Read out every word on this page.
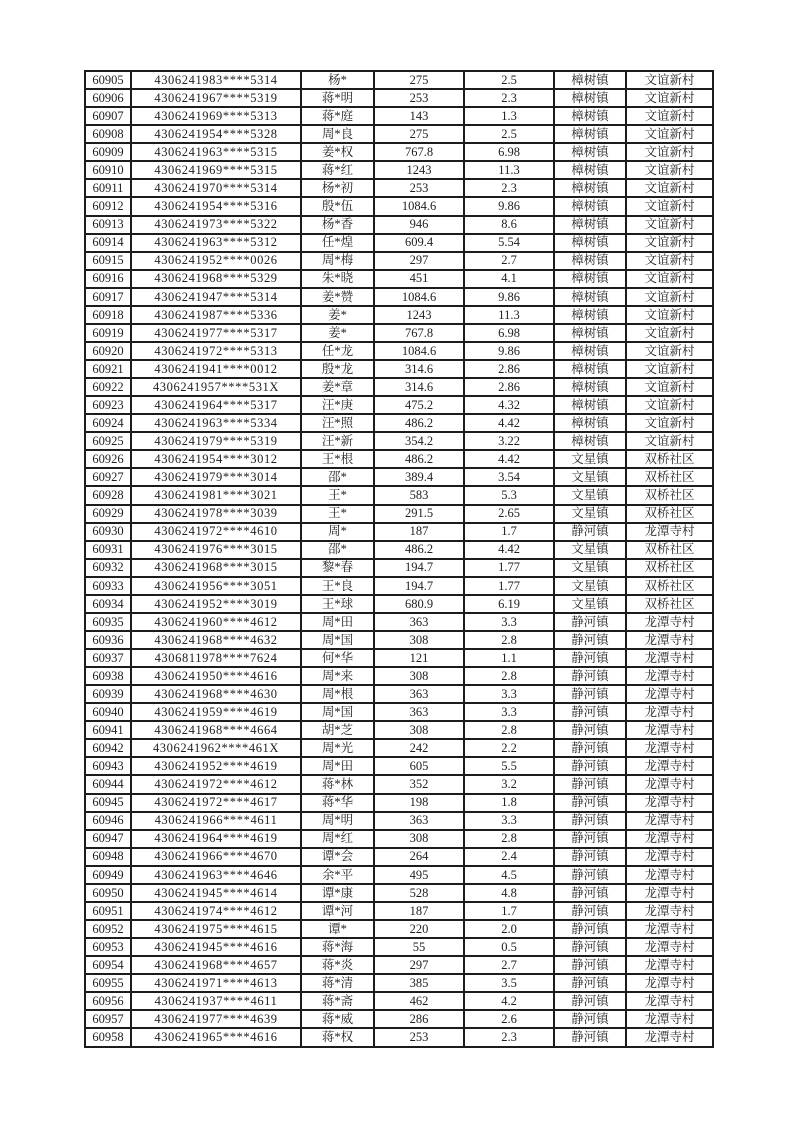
60905	4306241983****5314	杨*	275	2.5	樟树镇	文谊新村
60906	4306241967****5319	蒋*明	253	2.3	樟树镇	文谊新村
60907	4306241969****5313	蒋*庭	143	1.3	樟树镇	文谊新村
60908	4306241954****5328	周*良	275	2.5	樟树镇	文谊新村
60909	4306241963****5315	姜*权	767.8	6.98	樟树镇	文谊新村
60910	4306241969****5315	蒋*红	1243	11.3	樟树镇	文谊新村
60911	4306241970****5314	杨*初	253	2.3	樟树镇	文谊新村
60912	4306241954****5316	殷*伍	1084.6	9.86	樟树镇	文谊新村
60913	4306241973****5322	杨*香	946	8.6	樟树镇	文谊新村
60914	4306241963****5312	任*煌	609.4	5.54	樟树镇	文谊新村
60915	4306241952****0026	周*梅	297	2.7	樟树镇	文谊新村
60916	4306241968****5329	朱*晓	451	4.1	樟树镇	文谊新村
60917	4306241947****5314	姜*赞	1084.6	9.86	樟树镇	文谊新村
60918	4306241987****5336	姜*	1243	11.3	樟树镇	文谊新村
60919	4306241977****5317	姜*	767.8	6.98	樟树镇	文谊新村
60920	4306241972****5313	任*龙	1084.6	9.86	樟树镇	文谊新村
60921	4306241941****0012	殷*龙	314.6	2.86	樟树镇	文谊新村
60922	4306241957****531X	姜*章	314.6	2.86	樟树镇	文谊新村
60923	4306241964****5317	汪*庚	475.2	4.32	樟树镇	文谊新村
60924	4306241963****5334	汪*照	486.2	4.42	樟树镇	文谊新村
60925	4306241979****5319	汪*新	354.2	3.22	樟树镇	文谊新村
60926	4306241954****3012	王*根	486.2	4.42	文星镇	双桥社区
60927	4306241979****3014	邵*	389.4	3.54	文星镇	双桥社区
60928	4306241981****3021	王*	583	5.3	文星镇	双桥社区
60929	4306241978****3039	王*	291.5	2.65	文星镇	双桥社区
60930	4306241972****4610	周*	187	1.7	静河镇	龙潭寺村
60931	4306241976****3015	邵*	486.2	4.42	文星镇	双桥社区
60932	4306241968****3015	黎*春	194.7	1.77	文星镇	双桥社区
60933	4306241956****3051	王*良	194.7	1.77	文星镇	双桥社区
60934	4306241952****3019	王*球	680.9	6.19	文星镇	双桥社区
60935	4306241960****4612	周*田	363	3.3	静河镇	龙潭寺村
60936	4306241968****4632	周*国	308	2.8	静河镇	龙潭寺村
60937	4306811978****7624	何*华	121	1.1	静河镇	龙潭寺村
60938	4306241950****4616	周*来	308	2.8	静河镇	龙潭寺村
60939	4306241968****4630	周*根	363	3.3	静河镇	龙潭寺村
60940	4306241959****4619	周*国	363	3.3	静河镇	龙潭寺村
60941	4306241968****4664	胡*芝	308	2.8	静河镇	龙潭寺村
60942	4306241962****461X	周*光	242	2.2	静河镇	龙潭寺村
60943	4306241952****4619	周*田	605	5.5	静河镇	龙潭寺村
60944	4306241972****4612	蒋*林	352	3.2	静河镇	龙潭寺村
60945	4306241972****4617	蒋*华	198	1.8	静河镇	龙潭寺村
60946	4306241966****4611	周*明	363	3.3	静河镇	龙潭寺村
60947	4306241964****4619	周*红	308	2.8	静河镇	龙潭寺村
60948	4306241966****4670	谭*会	264	2.4	静河镇	龙潭寺村
60949	4306241963****4646	余*平	495	4.5	静河镇	龙潭寺村
60950	4306241945****4614	谭*康	528	4.8	静河镇	龙潭寺村
60951	4306241974****4612	谭*河	187	1.7	静河镇	龙潭寺村
60952	4306241975****4615	谭*	220	2.0	静河镇	龙潭寺村
60953	4306241945****4616	蒋*海	55	0.5	静河镇	龙潭寺村
60954	4306241968****4657	蒋*炎	297	2.7	静河镇	龙潭寺村
60955	4306241971****4613	蒋*清	385	3.5	静河镇	龙潭寺村
60956	4306241937****4611	蒋*斋	462	4.2	静河镇	龙潭寺村
60957	4306241977****4639	蒋*威	286	2.6	静河镇	龙潭寺村
60958	4306241965****4616	蒋*权	253	2.3	静河镇	龙潭寺村
